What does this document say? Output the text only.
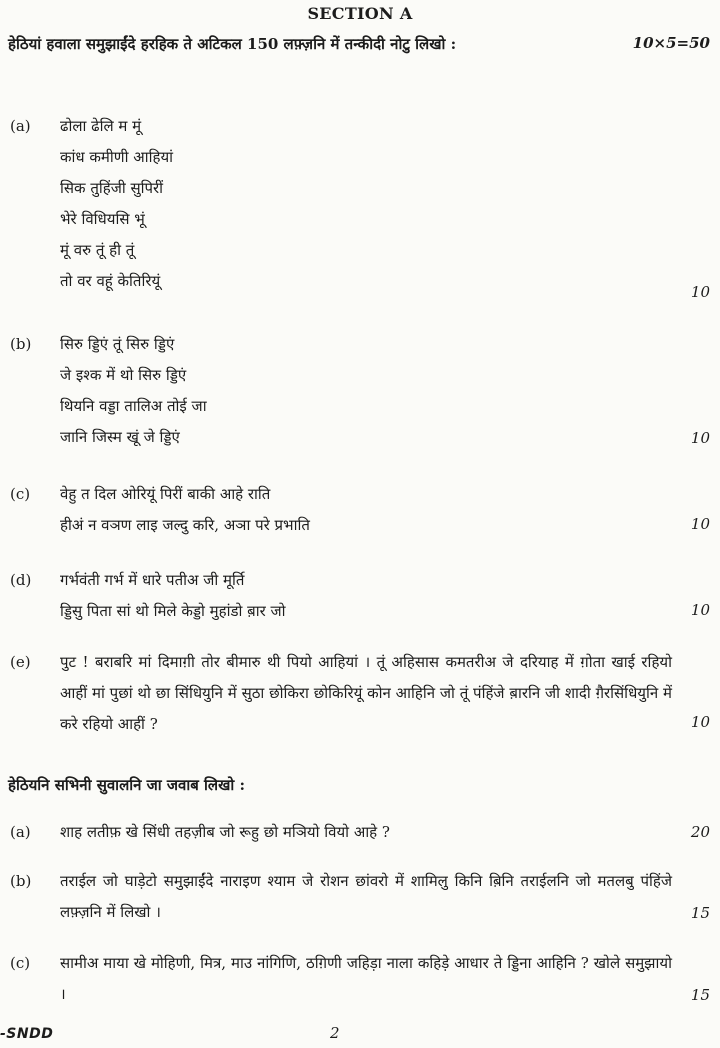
SECTION A
हेठियां हवाला समुझाईंदे हरहिक ते अटिकल 150 लफ़्ज़नि में तन्कीदी नोटु लिखो :	10×5=50
(a) ढोला ढेलि म मूं
कांध कमीणी आहियां
सिक तुहिंजी सुपिरीं
भेरे विधियसि भूं
मूं वरु तूं ही तूं
तो वर वहूं केतिरियूं
10
(b) सिरु ड्डिएं तूं सिरु ड्डिएं
जे इश्क में थो सिरु ड्डिएं
थियनि वड्डा तालिअ तोई जा
जानि जिस्म खूं जे ड्डिएं	10
(c) वेहु त दिल ओरियूं पिरीं बाकी आहे राति
हीअं न वञण लाइ जल्दु करि, अञा परे प्रभाति	10
(d) गर्भवंती गर्भ में धारे पतीअ जी मूर्ति
ड्डिसु पिता सां थो मिले केड्डो मुहांडो ब़ार जो	10
(e) पुट ! बराबरि मां दिमाग़ी तोर बीमारु थी पियो आहियां । तूं अहिसास कमतरीअ जे दरियाह में ग़ोता खाई रहियो आहीं मां पुछां थो छा सिंधियुनि में सुठा छोकिरा छोकिरियूं कोन आहिनि जो तूं पंहिंजे ब़ारनि जी शादी ग़ैरसिंधियुनि में करे रहियो आहीं ?	10
हेठियनि सभिनी सुवालनि जा जवाब लिखो :
(a) शाह लतीफ़ खे सिंधी तहज़ीब जो रूहु छो मञियो वियो आहे ?	20
(b) तराईल जो घाड़ेटो समुझाईंदे नाराइण श्याम जे रोशन छांवरो में शामिलु किनि ब़िनि तराईलनि जो मतलबु पंहिंजे लफ़्ज़नि में लिखो ।	15
(c) सामीअ माया खे मोहिणी, मित्र, माउ नांगिणि, ठग़िणी जहिड़ा नाला कहिड़े आधार ते ड्डिना आहिनि ? खोले समुझायो ।	15
-SNDD	2
